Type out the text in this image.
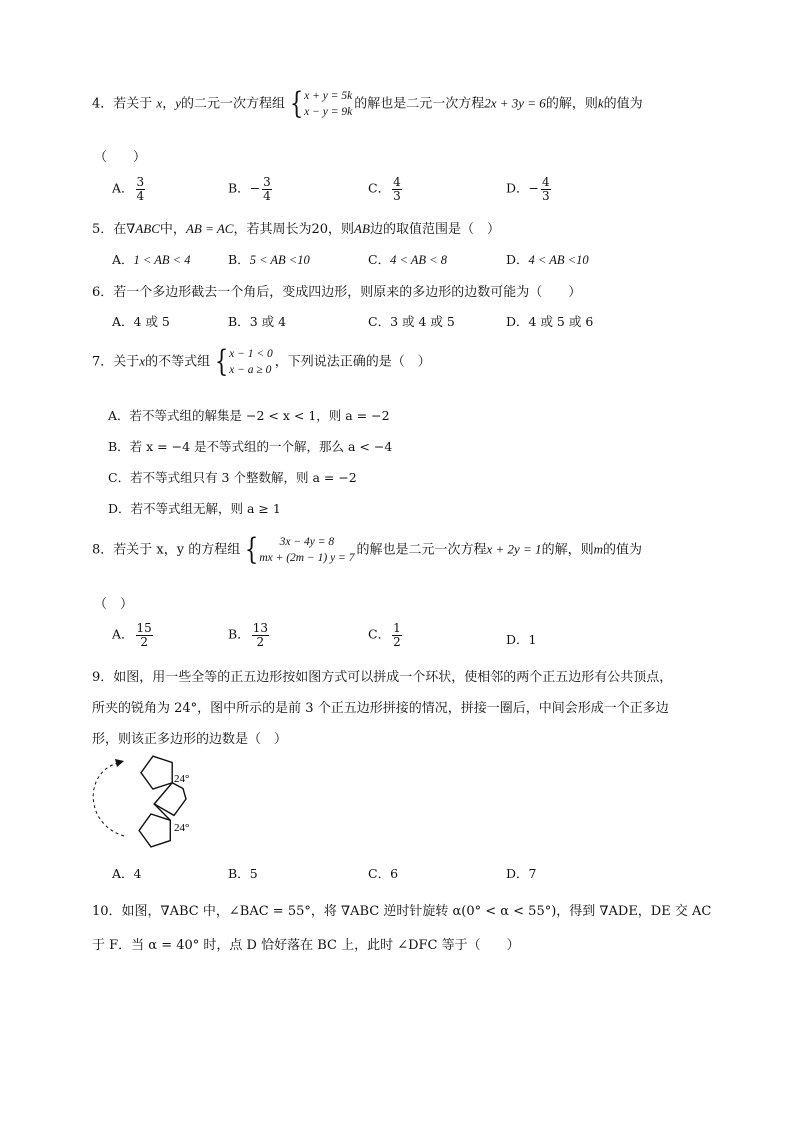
4．若关于 x，y的二元一次方程组 { x + y = 5k
x − y = 9k
的解也是二元一次方程2x + 3y = 6的解，则k的值为
（　　）
A． $\frac{3}{4}$	B．− $\frac{3}{4}$	C． $\frac{4}{3}$	D．− $\frac{4}{3}$
5．在∇ABC中，AB = AC，若其周长为20，则AB边的取值范围是（　）
A．1 < AB < 4	B．5 < AB <10	C．4 < AB < 8	D．4 < AB <10
6．若一个多边形截去一个角后，变成四边形，则原来的多边形的边数可能为（　　）
A．4 或 5	B．3 或 4	C．3 或 4 或 5	D．4 或 5 或 6
7．关于x的不等式组 { x − 1 < 0
x − a ≥ 0
，下列说法正确的是（　）
A．若不等式组的解集是 −2 < x < 1，则 a = −2
B．若 x = −4 是不等式组的一个解，那么 a < −4
C．若不等式组只有 3 个整数解，则 a = −2
D．若不等式组无解，则 a ≥ 1
8．若关于 x，y 的方程组 { 3x − 4y = 8
mx + (2m − 1) y = 7
的解也是二元一次方程x + 2y = 1的解，则m的值为
（　）
A． $\frac{15}{2}$	B． $\frac{13}{2}$	C． $\frac{1}{2}$	D．1
9．如图，用一些全等的正五边形按如图方式可以拼成一个环状，使相邻的两个正五边形有公共顶点，
所夹的锐角为 24°，图中所示的是前 3 个正五边形拼接的情况，拼接一圈后，中间会形成一个正多边
形，则该正多边形的边数是（　）
24°
24°
A．4	B．5	C．6	D．7
10．如图，∇ABC 中，∠BAC = 55°，将 ∇ABC 逆时针旋转 α(0° < α < 55°)，得到 ∇ADE，DE 交 AC
于 F．当 α = 40° 时，点 D 恰好落在 BC 上，此时 ∠DFC 等于（　　）
